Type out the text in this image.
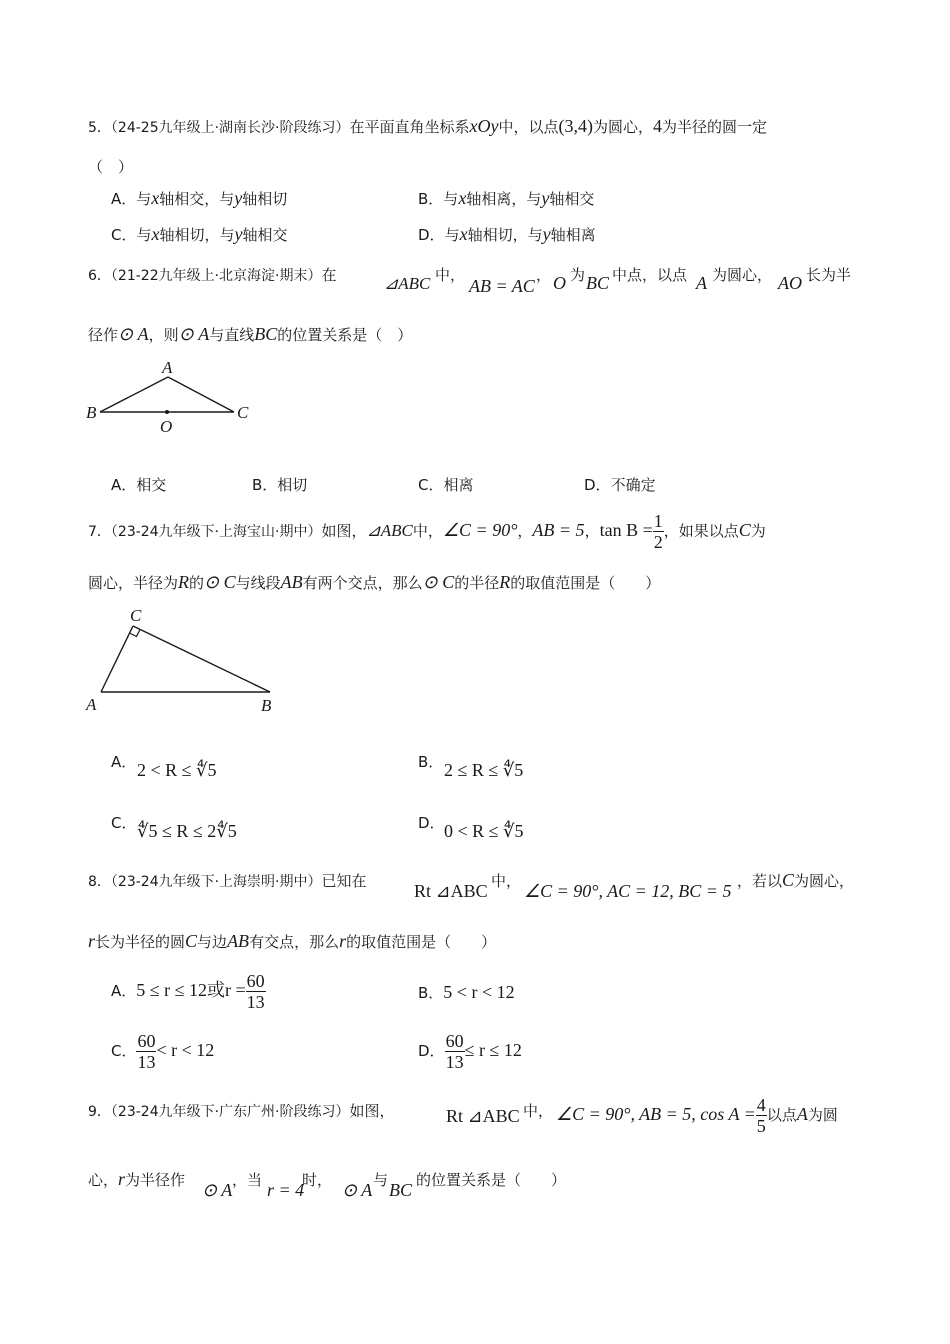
5．（24-25九年级上·湖南长沙·阶段练习）在平面直角坐标系xOy中，以点(3,4)为圆心，4为半径的圆一定
（　）
A．与x轴相交，与y轴相切	B．与x轴相离，与y轴相交
C．与x轴相切，与y轴相交	D．与x轴相切，与y轴相离
6．（21-22九年级上·北京海淀·期末）在	⊿ABC 中，
AB = AC
， O 为 BC 中点，以点 A 为圆心， AO 长为半
径作⊙ A，则⊙ A与直线BC的位置关系是（　）
A
B	C
O
A．相交	B．相切	C．相离	D．不确定
7．（23-24九年级下·上海宝山·期中）如图，⊿ABC中，∠C = 90°，AB = 5，$\tan B = \frac{1}{2}$ ，如果以点C为
圆心，半径为R的⊙ C与线段AB有两个交点，那么⊙ C的半径R的取值范围是（　　）
C
A	B
A． 2 < R ≤ ∜5	B． 2 ≤ R ≤ ∜5
C． ∜5 ≤ R ≤ 2∜5	D． 0 < R ≤ ∜5
8．（23-24九年级下·上海崇明·期中）已知在	Rt ⊿ABC 中， ∠C = 90°, AC = 12, BC = 5 ，若以C为圆心，
r长为半径的圆C与边AB有交点，那么r的取值范围是（　　）
A．5 ≤ r ≤ 12或$r = \frac{60}{13}$	B．5 < r < 12
C． $\frac{60}{13} < r < 12$	D． $\frac{60}{13} \le r \le 12$
9．（23-24九年级下·广东广州·阶段练习）如图，	Rt ⊿ABC 中， ∠C = 90°, AB = 5, $\cos A = \frac{4}{5}$ 以点A为圆
心，r为半径作 ⊙ A ，当 r = 4
时， ⊙ A 与 BC 的位置关系是（　　）
